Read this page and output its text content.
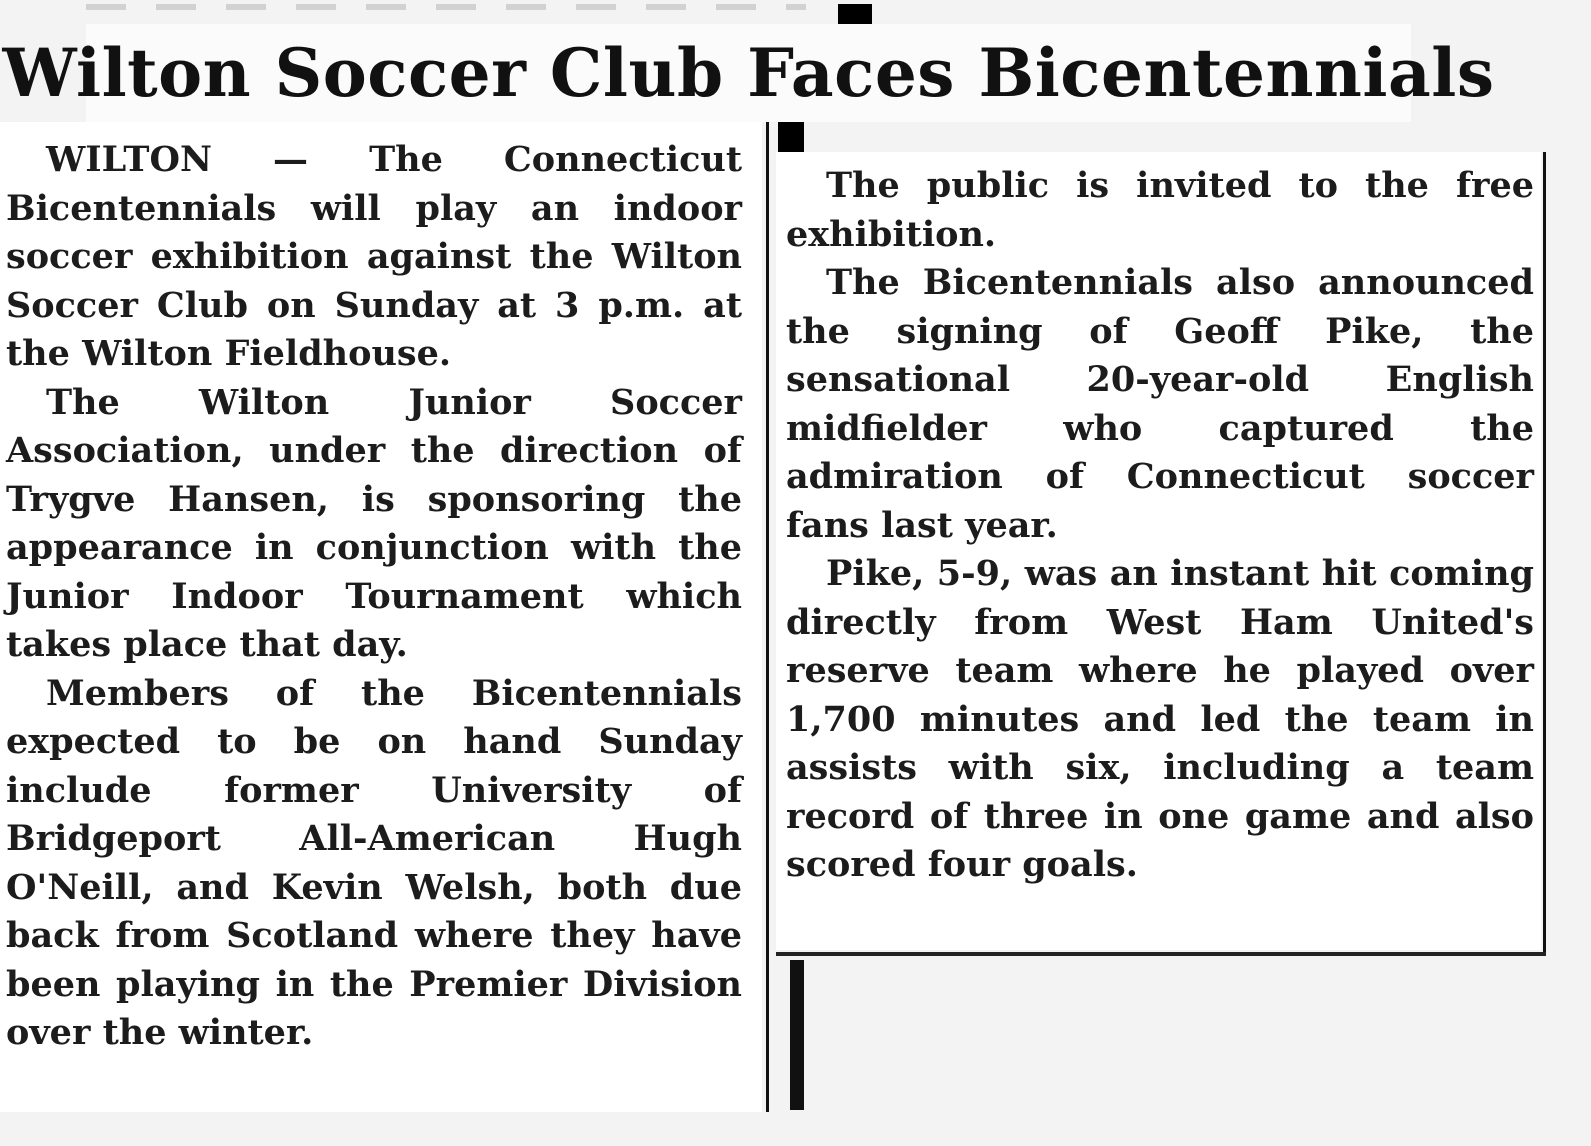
Wilton Soccer Club Faces Bicentennials

WILTON — The Connecticut Bicentennials will play an indoor soccer exhibition against the Wilton Soccer Club on Sunday at 3 p.m. at the Wilton Fieldhouse.

The Wilton Junior Soccer Association, under the direction of Trygve Hansen, is sponsoring the appearance in conjunction with the Junior Indoor Tournament which takes place that day.

Members of the Bicentennials expected to be on hand Sunday include former University of Bridgeport All-American Hugh O'Neill, and Kevin Welsh, both due back from Scotland where they have been playing in the Premier Division over the winter.

The public is invited to the free exhibition.

The Bicentennials also announced the signing of Geoff Pike, the sensational 20-year-old English midfielder who captured the admiration of Connecticut soccer fans last year.

Pike, 5-9, was an instant hit coming directly from West Ham United's reserve team where he played over 1,700 minutes and led the team in assists with six, including a team record of three in one game and also scored four goals.
